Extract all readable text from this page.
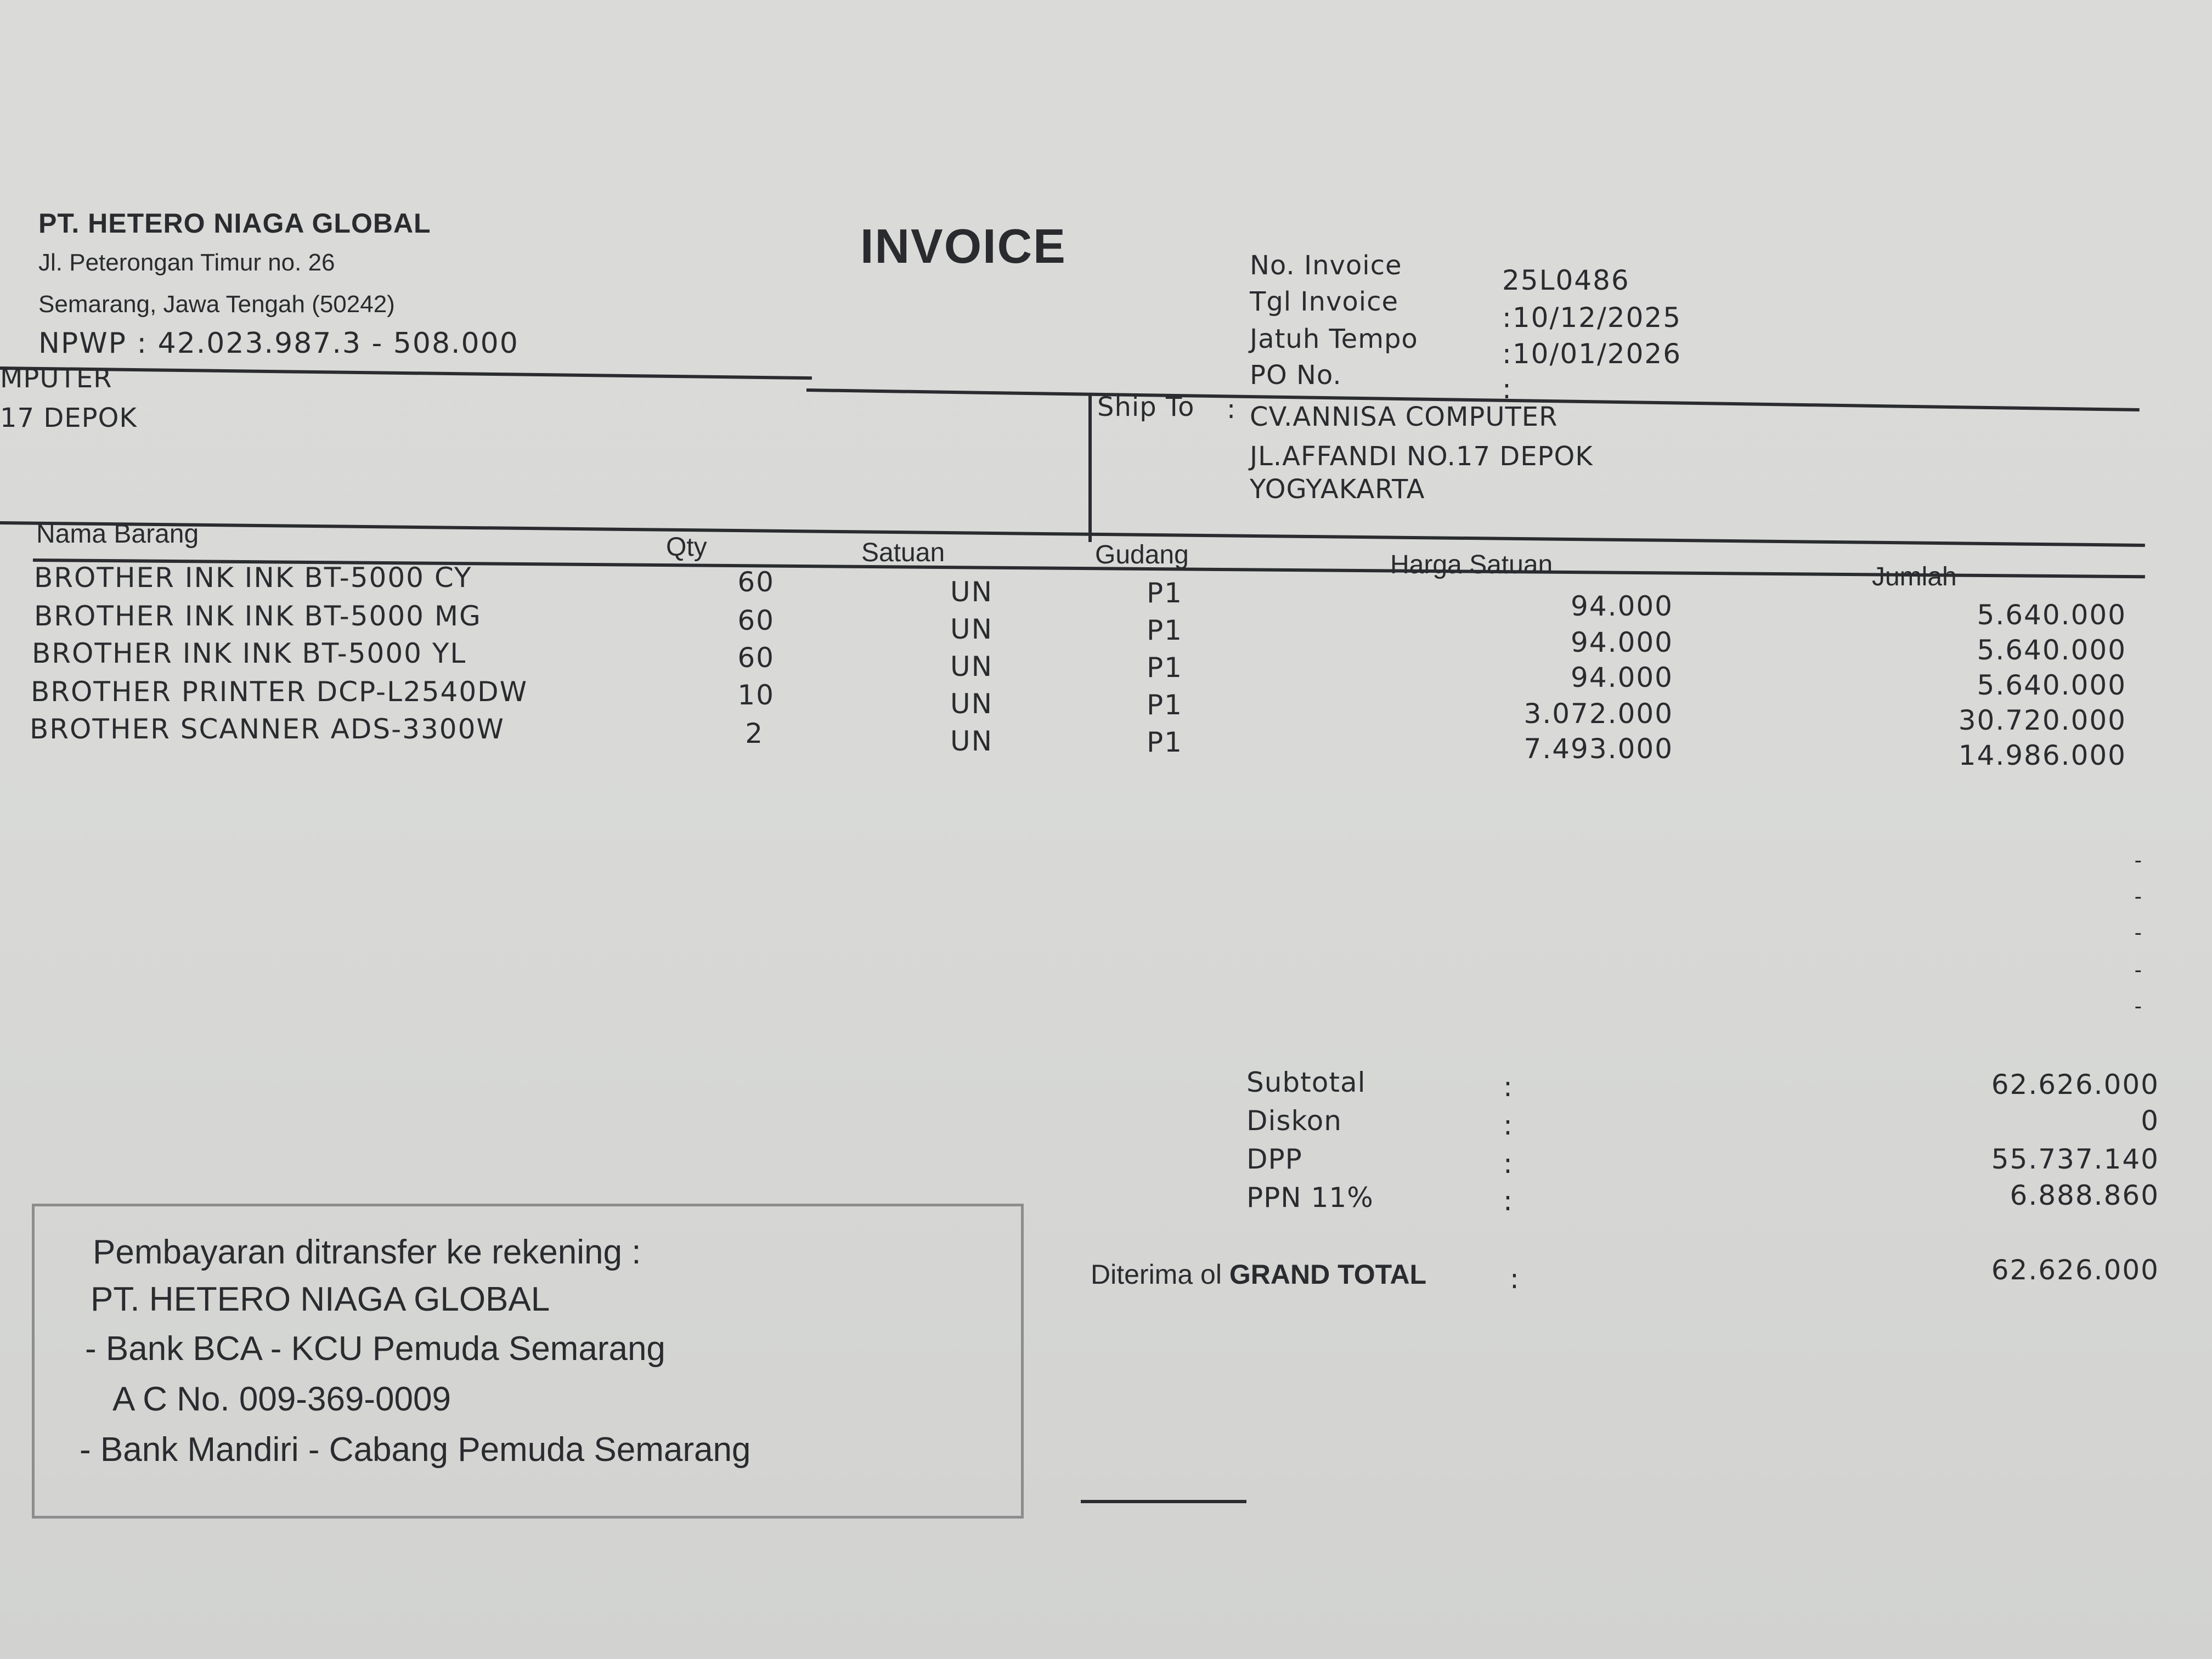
PT. HETERO NIAGA GLOBAL
Jl. Peterongan Timur no. 26
Semarang, Jawa Tengah (50242)
NPWP : 42.023.987.3 - 508.000
INVOICE	No. Invoice	25L0486
Tgl Invoice	:10/12/2025
Jatuh Tempo	:10/01/2026
PO No.	:
MPUTER
17 DEPOK	Ship To : CV.ANNISA COMPUTER
JL.AFFANDI NO.17 DEPOK
YOGYAKARTA
Nama Barang	Qty	Satuan	Gudang	Harga Satuan	Jumlah
BROTHER INK INK BT-5000 CY	60	UN	P1	94.000	5.640.000
BROTHER INK INK BT-5000 MG	60	UN	P1	94.000	5.640.000
BROTHER INK INK BT-5000 YL	60	UN	P1	94.000	5.640.000
BROTHER PRINTER DCP-L2540DW	10	UN	P1	3.072.000	30.720.000
BROTHER SCANNER ADS-3300W	2	UN	P1	7.493.000	14.986.000
-
-
-
-
-
Subtotal	:	62.626.000
Diskon	:	0
DPP	:	55.737.140
PPN 11%	:	6.888.860
Diterima ol GRAND TOTAL	:	62.626.000
Pembayaran ditransfer ke rekening :
PT. HETERO NIAGA GLOBAL
- Bank BCA - KCU Pemuda Semarang
A C No. 009-369-0009
- Bank Mandiri - Cabang Pemuda Semarang
